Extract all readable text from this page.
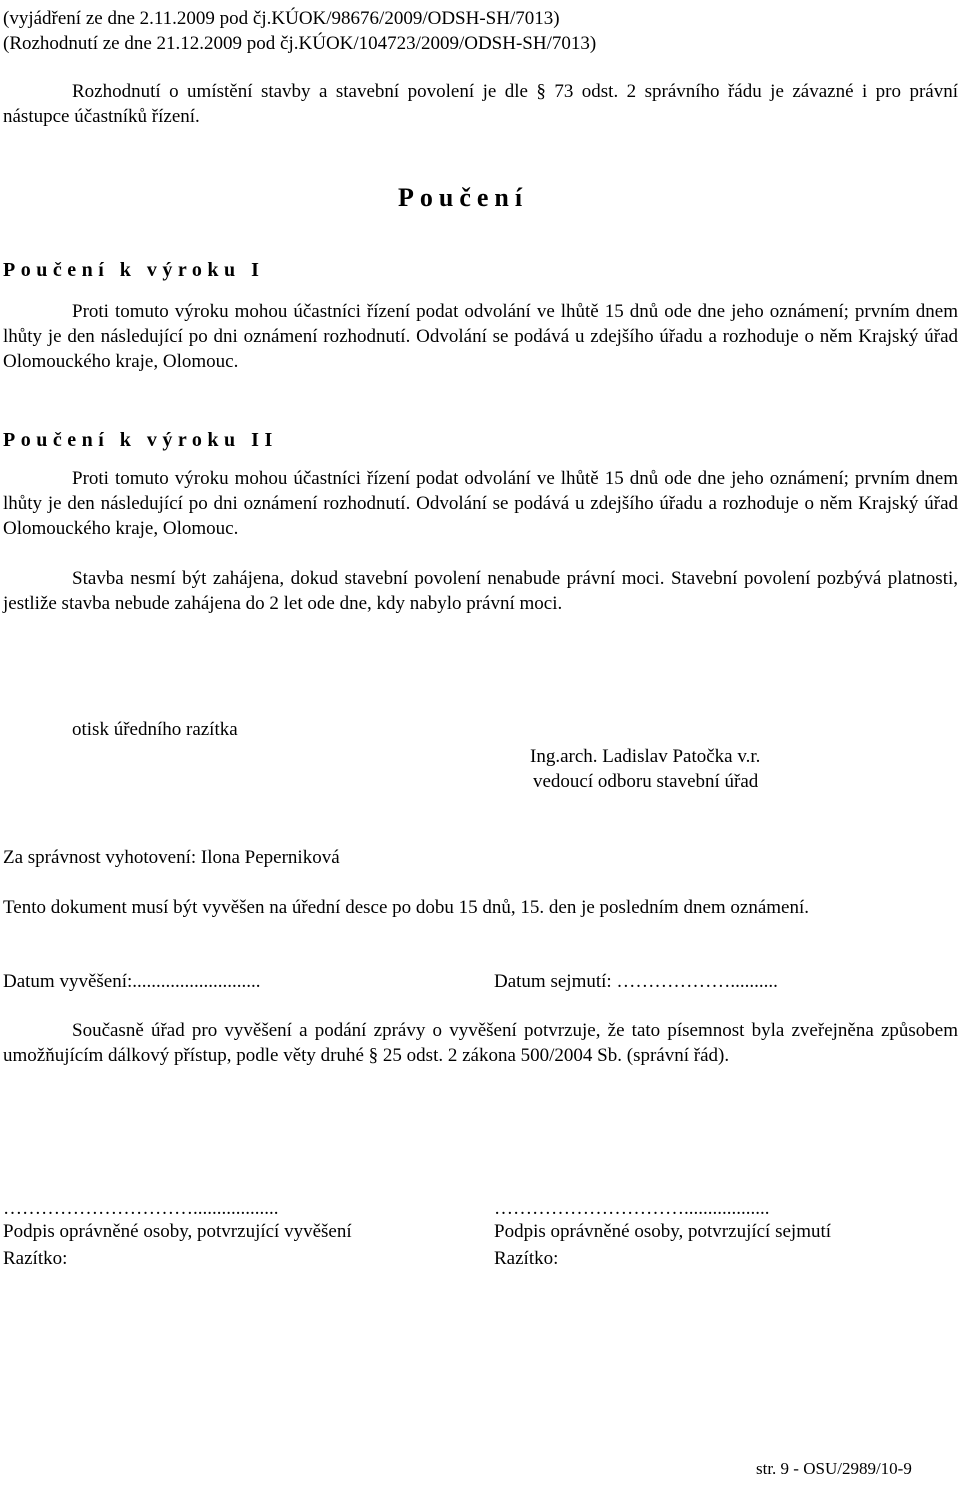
(vyjádření ze dne 2.11.2009 pod čj.KÚOK/98676/2009/ODSH-SH/7013)
(Rozhodnutí ze dne 21.12.2009 pod čj.KÚOK/104723/2009/ODSH-SH/7013)
Rozhodnutí o umístění stavby a stavební povolení je dle § 73 odst. 2 správního řádu je závazné i pro právní nástupce účastníků řízení.
Poučení
Poučení k výroku I
Proti tomuto výroku mohou účastníci řízení podat odvolání ve lhůtě 15 dnů ode dne jeho oznámení; prvním dnem lhůty je den následující po dni oznámení rozhodnutí. Odvolání se podává u zdejšího úřadu a rozhoduje o něm Krajský úřad Olomouckého kraje, Olomouc.
Poučení k výroku II
Proti tomuto výroku mohou účastníci řízení podat odvolání ve lhůtě 15 dnů ode dne jeho oznámení; prvním dnem lhůty je den následující po dni oznámení rozhodnutí. Odvolání se podává u zdejšího úřadu a rozhoduje o něm Krajský úřad Olomouckého kraje, Olomouc.
Stavba nesmí být zahájena, dokud stavební povolení nenabude právní moci. Stavební povolení pozbývá platnosti, jestliže stavba nebude zahájena do 2 let ode dne, kdy nabylo právní moci.
otisk úředního razítka
Ing.arch. Ladislav Patočka v.r.
vedoucí odboru stavební úřad
Za správnost vyhotovení: Ilona Peperniková
Tento dokument musí být vyvěšen na úřední desce po dobu 15 dnů, 15. den je posledním dnem oznámení.
Datum vyvěšení:...........................	Datum sejmutí: ………………..........
Současně úřad pro vyvěšení a podání zprávy o vyvěšení potvrzuje, že tato písemnost byla zveřejněna způsobem umožňujícím dálkový přístup, podle věty druhé § 25 odst. 2 zákona 500/2004 Sb. (správní řád).
…………………………..................
Podpis oprávněné osoby, potvrzující vyvěšení
Razítko:
…………………………..................
Podpis oprávněné osoby, potvrzující sejmutí
Razítko:
str. 9 - OSU/2989/10-9
